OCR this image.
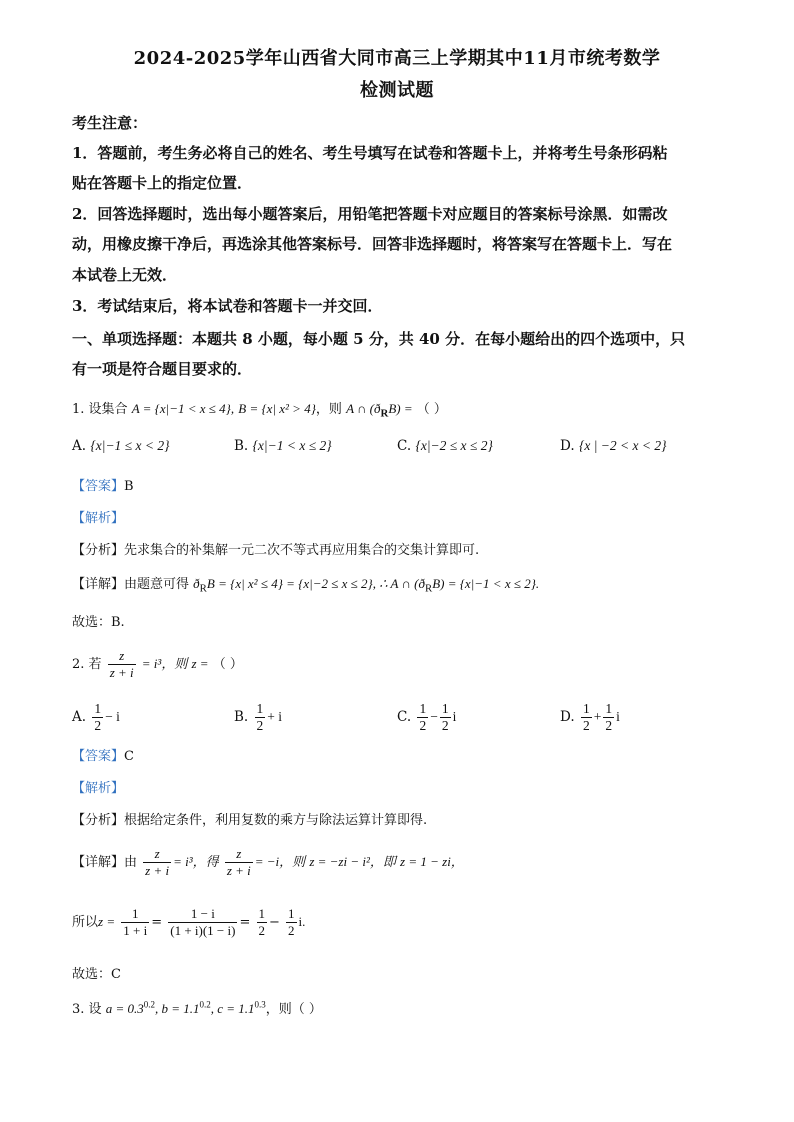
2024-2025学年山西省大同市高三上学期其中11月市统考数学
检测试题
考生注意：
1．答题前，考生务必将自己的姓名、考生号填写在试卷和答题卡上，并将考生号条形码粘
贴在答题卡上的指定位置．
2．回答选择题时，选出每小题答案后，用铅笔把答题卡对应题目的答案标号涂黑．如需改
动，用橡皮擦干净后，再选涂其他答案标号．回答非选择题时，将答案写在答题卡上．写在
本试卷上无效．
3．考试结束后，将本试卷和答题卡一并交回．
一、单项选择题：本题共 8 小题，每小题 5 分，共 40 分．在每小题给出的四个选项中，只
有一项是符合题目要求的．
1. 设集合 A = {x|−1 < x ≤ 4}, B = {x| x² > 4}，则 A ∩ $(ð_RB)$ = （ ）
A. {x|−1 ≤ x < 2}	B. {x|−1 < x ≤ 2}	C. {x|−2 ≤ x ≤ 2}	D. {x | −2 < x < 2}
【答案】B
【解析】
【分析】先求集合的补集解一元二次不等式再应用集合的交集计算即可.
【详解】由题意可得 $ð_RB = \{x|$ x² ≤ 4} = {x|−2 ≤ x ≤ 2}, ∴ A ∩ $(ð_RB) = \{x|-1 < x \le 2\}$.
故选：B.
2. 若 $\frac{z}{z + i} = i^3$，则 z = （ ）
A. $\frac{1}{2} - i$	B. $\frac{1}{2} + i$	C. $\frac{1}{2} - \frac{1}{2}$ i	D. $\frac{1}{2} + \frac{1}{2}$ i
【答案】C
【解析】
【分析】根据给定条件，利用复数的乘方与除法运算计算即得.
【详解】由 $\frac{z}{z + i} = i^3$，得 $\frac{z}{z + i} = -i$，则 z = −zi − i²，即 z = 1 − zi，
所以$z = \frac{1}{1 + i} = \frac{1 - i}{(1 + i)(1 - i)} = \frac{1}{2} - \frac{1}{2} i$.
故选：C
3. 设 $a = 0.3^{0.2}$, $b = 1.1^{0.2}$, $c = 1.1^{0.3}$，则（ ）
